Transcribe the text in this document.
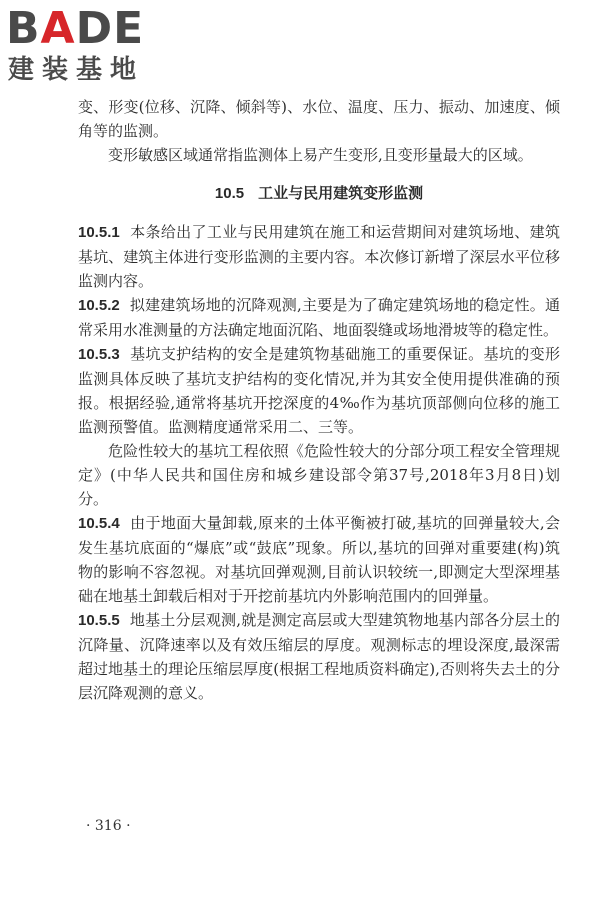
BADE
建装基地

变、形变(位移、沉降、倾斜等)、水位、温度、压力、振动、加速度、倾角等的监测。

变形敏感区域通常指监测体上易产生变形,且变形量最大的区域。

10.5 工业与民用建筑变形监测

10.5.1 本条给出了工业与民用建筑在施工和运营期间对建筑场地、建筑基坑、建筑主体进行变形监测的主要内容。本次修订新增了深层水平位移监测内容。

10.5.2 拟建建筑场地的沉降观测,主要是为了确定建筑场地的稳定性。通常采用水准测量的方法确定地面沉陷、地面裂缝或场地滑坡等的稳定性。

10.5.3 基坑支护结构的安全是建筑物基础施工的重要保证。基坑的变形监测具体反映了基坑支护结构的变化情况,并为其安全使用提供准确的预报。根据经验,通常将基坑开挖深度的4‰作为基坑顶部侧向位移的施工监测预警值。监测精度通常采用二、三等。

危险性较大的基坑工程依照《危险性较大的分部分项工程安全管理规定》(中华人民共和国住房和城乡建设部令第37号,2018年3月8日)划分。

10.5.4 由于地面大量卸载,原来的土体平衡被打破,基坑的回弹量较大,会发生基坑底面的“爆底”或“鼓底”现象。所以,基坑的回弹对重要建(构)筑物的影响不容忽视。对基坑回弹观测,目前认识较统一,即测定大型深埋基础在地基土卸载后相对于开挖前基坑内外影响范围内的回弹量。

10.5.5 地基土分层观测,就是测定高层或大型建筑物地基内部各分层土的沉降量、沉降速率以及有效压缩层的厚度。观测标志的埋设深度,最深需超过地基土的理论压缩层厚度(根据工程地质资料确定),否则将失去土的分层沉降观测的意义。

· 316 ·
